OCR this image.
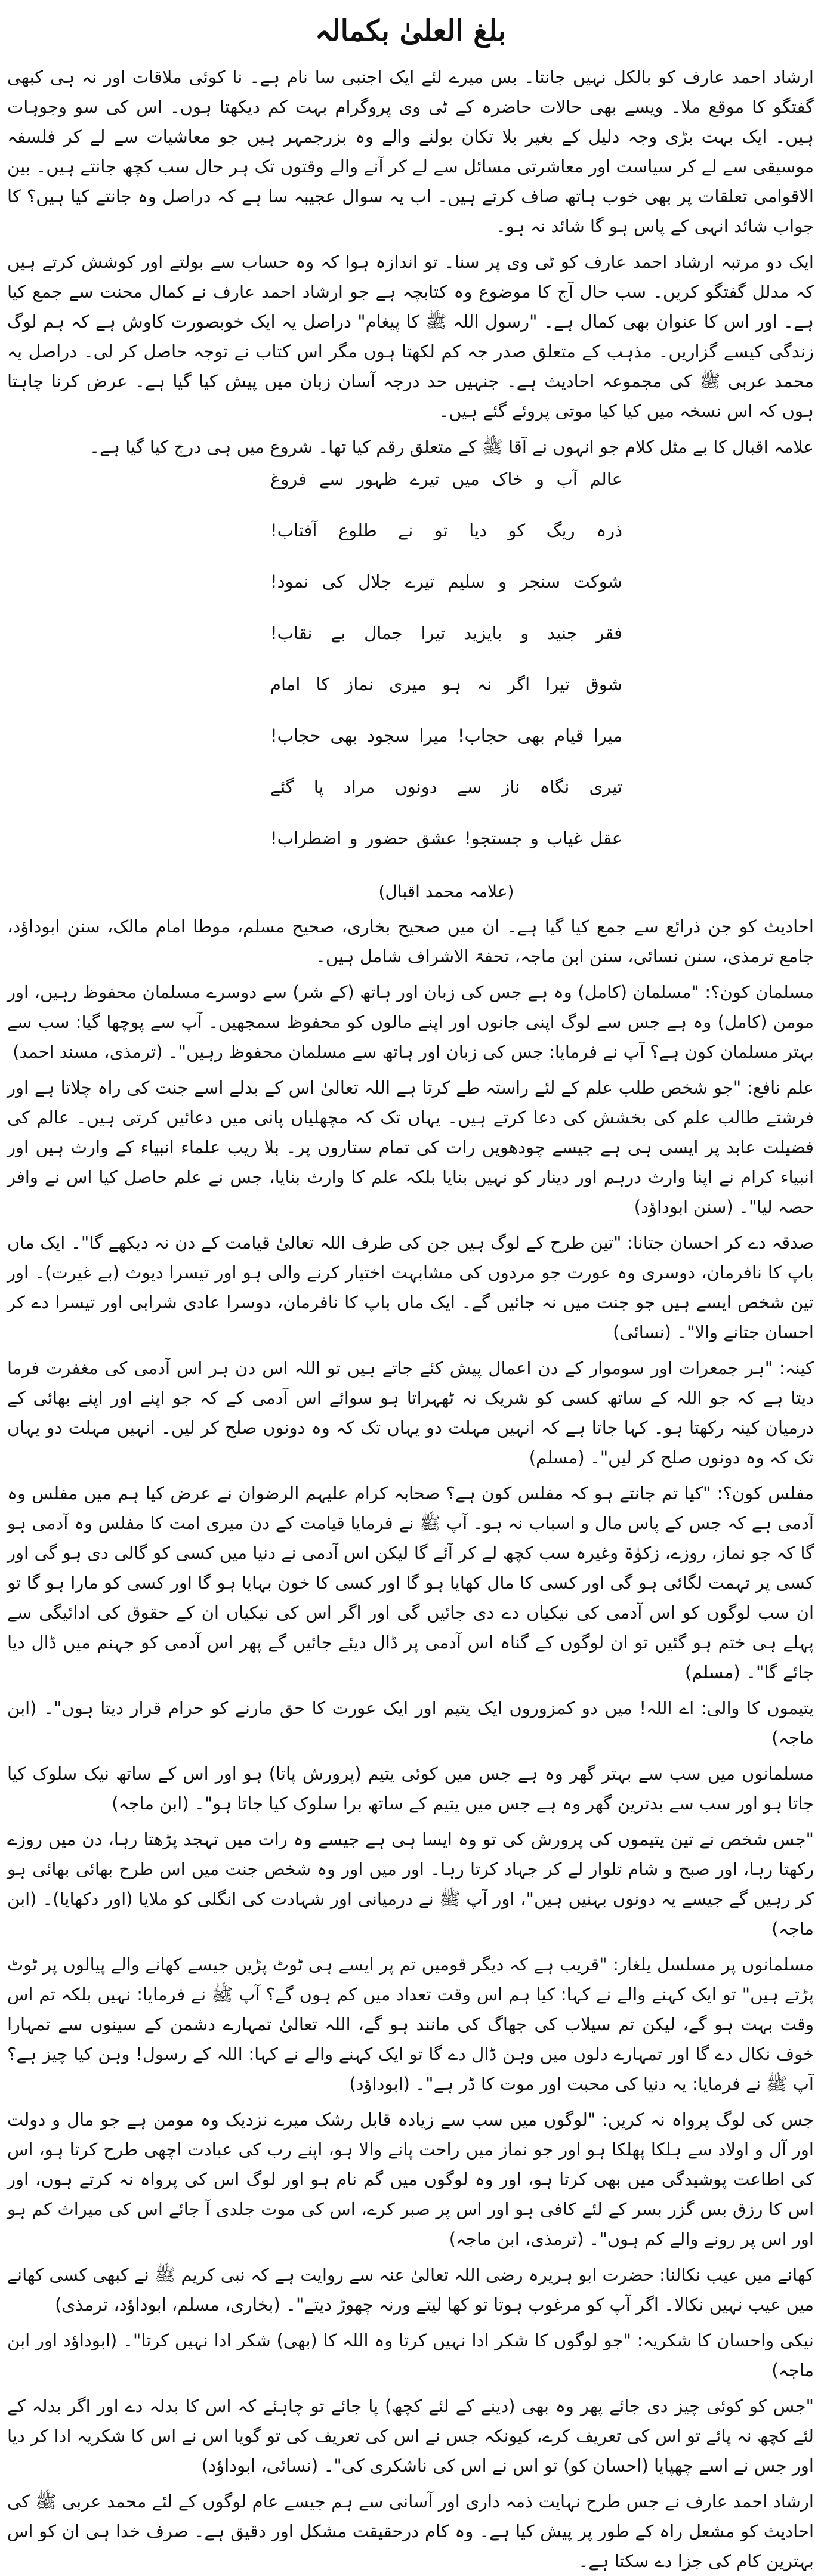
بلغ العلیٰ بکمالہ

ارشاد احمد عارف کو بالکل نہیں جانتا۔ بس میرے لئے ایک اجنبی سا نام ہے۔ نا کوئی ملاقات اور نہ ہی کبھی گفتگو کا موقع ملا۔ ویسے بھی حالات حاضرہ کے ٹی وی پروگرام بہت کم دیکھتا ہوں۔ اس کی سو وجوہات ہیں۔ ایک بہت بڑی وجہ دلیل کے بغیر بلا تکان بولنے والے وہ بزرجمہر ہیں جو معاشیات سے لے کر فلسفہ موسیقی سے لے کر سیاست اور معاشرتی مسائل سے لے کر آنے والے وقتوں تک ہر حال سب کچھ جانتے ہیں۔ بین الاقوامی تعلقات پر بھی خوب ہاتھ صاف کرتے ہیں۔ اب یہ سوال عجیبہ سا ہے کہ دراصل وہ جانتے کیا ہیں؟ کا جواب شائد انہی کے پاس ہو گا شائد نہ ہو۔

ایک دو مرتبہ ارشاد احمد عارف کو ٹی وی پر سنا۔ تو اندازہ ہوا کہ وہ حساب سے بولتے اور کوشش کرتے ہیں کہ مدلل گفتگو کریں۔ سب حال آج کا موضوع وہ کتابچہ ہے جو ارشاد احمد عارف نے کمال محنت سے جمع کیا ہے۔ اور اس کا عنوان بھی کمال ہے۔ "رسول اللہ ﷺ کا پیغام" دراصل یہ ایک خوبصورت کاوش ہے کہ ہم لوگ زندگی کیسے گزاریں۔ مذہب کے متعلق صدر جہ کم لکھتا ہوں مگر اس کتاب نے توجہ حاصل کر لی۔ دراصل یہ محمد عربی ﷺ کی مجموعہ احادیث ہے۔ جنہیں حد درجہ آسان زبان میں پیش کیا گیا ہے۔ عرض کرنا چاہتا ہوں کہ اس نسخہ میں کیا کیا موتی پروئے گئے ہیں۔

علامہ اقبال کا بے مثل کلام جو انہوں نے آقا ﷺ کے متعلق رقم کیا تھا۔ شروع میں ہی درج کیا گیا ہے۔

عالم آب و خاک میں تیرے ظہور سے فروغ

ذرہ ریگ کو دیا تو نے طلوع آفتاب!

شوکت سنجر و سلیم تیرے جلال کی نمود!

فقر جنید و بایزید تیرا جمال بے نقاب!

شوق تیرا اگر نہ ہو میری نماز کا امام

میرا قیام بھی حجاب! میرا سجود بھی حجاب!

تیری نگاہ ناز سے دونوں مراد پا گئے

عقل غیاب و جستجو! عشق حضور و اضطراب!

(علامہ محمد اقبال)

احادیث کو جن ذرائع سے جمع کیا گیا ہے۔ ان میں صحیح بخاری، صحیح مسلم، موطا امام مالک، سنن ابوداؤد، جامع ترمذی، سنن نسائی، سنن ابن ماجہ، تحفۃ الاشراف شامل ہیں۔

مسلمان کون؟: "مسلمان (کامل) وہ ہے جس کی زبان اور ہاتھ (کے شر) سے دوسرے مسلمان محفوظ رہیں، اور مومن (کامل) وہ ہے جس سے لوگ اپنی جانوں اور اپنے مالوں کو محفوظ سمجھیں۔ آپ سے پوچھا گیا: سب سے بہتر مسلمان کون ہے؟ آپ نے فرمایا: جس کی زبان اور ہاتھ سے مسلمان محفوظ رہیں"۔ (ترمذی، مسند احمد)

علم نافع: "جو شخص طلب علم کے لئے راستہ طے کرتا ہے اللہ تعالیٰ اس کے بدلے اسے جنت کی راہ چلاتا ہے اور فرشتے طالب علم کی بخشش کی دعا کرتے ہیں۔ یہاں تک کہ مچھلیاں پانی میں دعائیں کرتی ہیں۔ عالم کی فضیلت عابد پر ایسی ہی ہے جیسے چودھویں رات کی تمام ستاروں پر۔ بلا ریب علماء انبیاء کے وارث ہیں اور انبیاء کرام نے اپنا وارث درہم اور دینار کو نہیں بنایا بلکہ علم کا وارث بنایا، جس نے علم حاصل کیا اس نے وافر حصہ لیا"۔ (سنن ابوداؤد)

صدقہ دے کر احسان جتانا: "تین طرح کے لوگ ہیں جن کی طرف اللہ تعالیٰ قیامت کے دن نہ دیکھے گا"۔ ایک ماں باپ کا نافرمان، دوسری وہ عورت جو مردوں کی مشابہت اختیار کرنے والی ہو اور تیسرا دیوث (بے غیرت)۔ اور تین شخص ایسے ہیں جو جنت میں نہ جائیں گے۔ ایک ماں باپ کا نافرمان، دوسرا عادی شرابی اور تیسرا دے کر احسان جتانے والا"۔ (نسائی)

کینہ: "ہر جمعرات اور سوموار کے دن اعمال پیش کئے جاتے ہیں تو اللہ اس دن ہر اس آدمی کی مغفرت فرما دیتا ہے کہ جو اللہ کے ساتھ کسی کو شریک نہ ٹھہراتا ہو سوائے اس آدمی کے کہ جو اپنے اور اپنے بھائی کے درمیان کینہ رکھتا ہو۔ کہا جاتا ہے کہ انہیں مہلت دو یہاں تک کہ وہ دونوں صلح کر لیں۔ انہیں مہلت دو یہاں تک کہ وہ دونوں صلح کر لیں"۔ (مسلم)

مفلس کون؟: "کیا تم جانتے ہو کہ مفلس کون ہے؟ صحابہ کرام علیہم الرضوان نے عرض کیا ہم میں مفلس وہ آدمی ہے کہ جس کے پاس مال و اسباب نہ ہو۔ آپ ﷺ نے فرمایا قیامت کے دن میری امت کا مفلس وہ آدمی ہو گا کہ جو نماز، روزے، زکوٰۃ وغیرہ سب کچھ لے کر آئے گا لیکن اس آدمی نے دنیا میں کسی کو گالی دی ہو گی اور کسی پر تہمت لگائی ہو گی اور کسی کا مال کھایا ہو گا اور کسی کا خون بہایا ہو گا اور کسی کو مارا ہو گا تو ان سب لوگوں کو اس آدمی کی نیکیاں دے دی جائیں گی اور اگر اس کی نیکیاں ان کے حقوق کی ادائیگی سے پہلے ہی ختم ہو گئیں تو ان لوگوں کے گناہ اس آدمی پر ڈال دیئے جائیں گے پھر اس آدمی کو جہنم میں ڈال دیا جائے گا"۔ (مسلم)

یتیموں کا والی: اے اللہ! میں دو کمزوروں ایک یتیم اور ایک عورت کا حق مارنے کو حرام قرار دیتا ہوں"۔ (ابن ماجہ)

مسلمانوں میں سب سے بہتر گھر وہ ہے جس میں کوئی یتیم (پرورش پاتا) ہو اور اس کے ساتھ نیک سلوک کیا جاتا ہو اور سب سے بدترین گھر وہ ہے جس میں یتیم کے ساتھ برا سلوک کیا جاتا ہو"۔ (ابن ماجہ)

"جس شخص نے تین یتیموں کی پرورش کی تو وہ ایسا ہی ہے جیسے وہ رات میں تہجد پڑھتا رہا، دن میں روزے رکھتا رہا، اور صبح و شام تلوار لے کر جہاد کرتا رہا۔ اور میں اور وہ شخص جنت میں اس طرح بھائی بھائی ہو کر رہیں گے جیسے یہ دونوں بہنیں ہیں"، اور آپ ﷺ نے درمیانی اور شہادت کی انگلی کو ملایا (اور دکھایا)۔ (ابن ماجہ)

مسلمانوں پر مسلسل یلغار: "قریب ہے کہ دیگر قومیں تم پر ایسے ہی ٹوٹ پڑیں جیسے کھانے والے پیالوں پر ٹوٹ پڑتے ہیں" تو ایک کہنے والے نے کہا: کیا ہم اس وقت تعداد میں کم ہوں گے؟ آپ ﷺ نے فرمایا: نہیں بلکہ تم اس وقت بہت ہو گے، لیکن تم سیلاب کی جھاگ کی مانند ہو گے، اللہ تعالیٰ تمہارے دشمن کے سینوں سے تمہارا خوف نکال دے گا اور تمہارے دلوں میں وہن ڈال دے گا تو ایک کہنے والے نے کہا: اللہ کے رسول! وہن کیا چیز ہے؟ آپ ﷺ نے فرمایا: یہ دنیا کی محبت اور موت کا ڈر ہے"۔ (ابوداؤد)

جس کی لوگ پرواہ نہ کریں: "لوگوں میں سب سے زیادہ قابل رشک میرے نزدیک وہ مومن ہے جو مال و دولت اور آل و اولاد سے ہلکا پھلکا ہو اور جو نماز میں راحت پانے والا ہو، اپنے رب کی عبادت اچھی طرح کرتا ہو، اس کی اطاعت پوشیدگی میں بھی کرتا ہو، اور وہ لوگوں میں گم نام ہو اور لوگ اس کی پرواہ نہ کرتے ہوں، اور اس کا رزق بس گزر بسر کے لئے کافی ہو اور اس پر صبر کرے، اس کی موت جلدی آ جائے اس کی میراث کم ہو اور اس پر رونے والے کم ہوں"۔ (ترمذی، ابن ماجہ)

کھانے میں عیب نکالنا: حضرت ابو ہریرہ رضی اللہ تعالیٰ عنہ سے روایت ہے کہ نبی کریم ﷺ نے کبھی کسی کھانے میں عیب نہیں نکالا۔ اگر آپ کو مرغوب ہوتا تو کھا لیتے ورنہ چھوڑ دیتے"۔ (بخاری، مسلم، ابوداؤد، ترمذی)

نیکی واحسان کا شکریہ: "جو لوگوں کا شکر ادا نہیں کرتا وہ اللہ کا (بھی) شکر ادا نہیں کرتا"۔ (ابوداؤد اور ابن ماجہ)

"جس کو کوئی چیز دی جائے پھر وہ بھی (دینے کے لئے کچھ) پا جائے تو چاہئے کہ اس کا بدلہ دے اور اگر بدلہ کے لئے کچھ نہ پائے تو اس کی تعریف کرے، کیونکہ جس نے اس کی تعریف کی تو گویا اس نے اس کا شکریہ ادا کر دیا اور جس نے اسے چھپایا (احسان کو) تو اس نے اس کی ناشکری کی"۔ (نسائی، ابوداؤد)

ارشاد احمد عارف نے جس طرح نہایت ذمہ داری اور آسانی سے ہم جیسے عام لوگوں کے لئے محمد عربی ﷺ کی احادیث کو مشعل راہ کے طور پر پیش کیا ہے۔ وہ کام درحقیقت مشکل اور دقیق ہے۔ صرف خدا ہی ان کو اس بہترین کام کی جزا دے سکتا ہے۔
